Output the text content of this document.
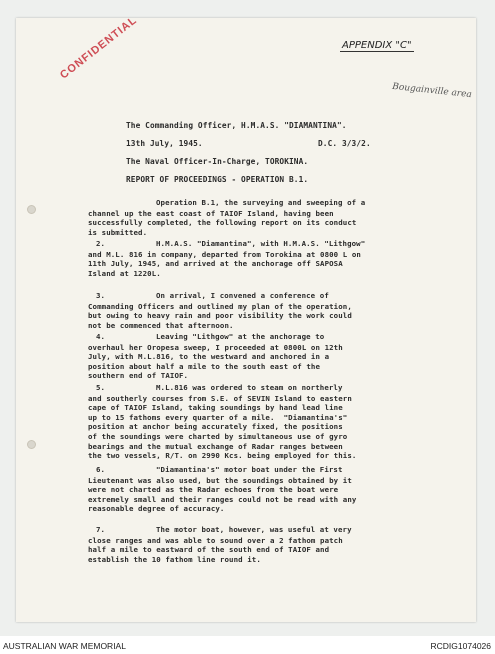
CONFIDENTIAL	APPENDIX "C"
Bougainville area
The Commanding Officer, H.M.A.S. "DIAMANTINA".
13th July, 1945.	D.C. 3/3/2.
The Naval Officer-In-Charge, TOROKINA.
REPORT OF PROCEEDINGS - OPERATION B.1.
Operation B.1, the surveying and sweeping of a
channel up the east coast of TAIOF Island, having been
successfully completed, the following report on its conduct
is submitted.
2.	H.M.A.S. "Diamantina", with H.M.A.S. "Lithgow"
and M.L. 816 in company, departed from Torokina at 0800 L on
11th July, 1945, and arrived at the anchorage off SAPOSA
Island at 1220L.
3.	On arrival, I convened a conference of
Commanding Officers and outlined my plan of the operation,
but owing to heavy rain and poor visibility the work could
not be commenced that afternoon.
4.	Leaving "Lithgow" at the anchorage to
overhaul her Oropesa sweep, I proceeded at 0800L on 12th
July, with M.L.816, to the westward and anchored in a
position about half a mile to the south east of the
southern end of TAIOF.
5.	M.L.816 was ordered to steam on northerly
and southerly courses from S.E. of SEVIN Island to eastern
cape of TAIOF Island, taking soundings by hand lead line
up to 15 fathoms every quarter of a mile.  "Diamantina's"
position at anchor being accurately fixed, the positions
of the soundings were charted by simultaneous use of gyro
bearings and the mutual exchange of Radar ranges between
the two vessels, R/T. on 2990 Kcs. being employed for this.
6.	"Diamantina's" motor boat under the First
Lieutenant was also used, but the soundings obtained by it
were not charted as the Radar echoes from the boat were
extremely small and their ranges could not be read with any
reasonable degree of accuracy.
7.	The motor boat, however, was useful at very
close ranges and was able to sound over a 2 fathom patch
half a mile to eastward of the south end of TAIOF and
establish the 10 fathom line round it.
AUSTRALIAN WAR MEMORIAL	RCDIG1074026
